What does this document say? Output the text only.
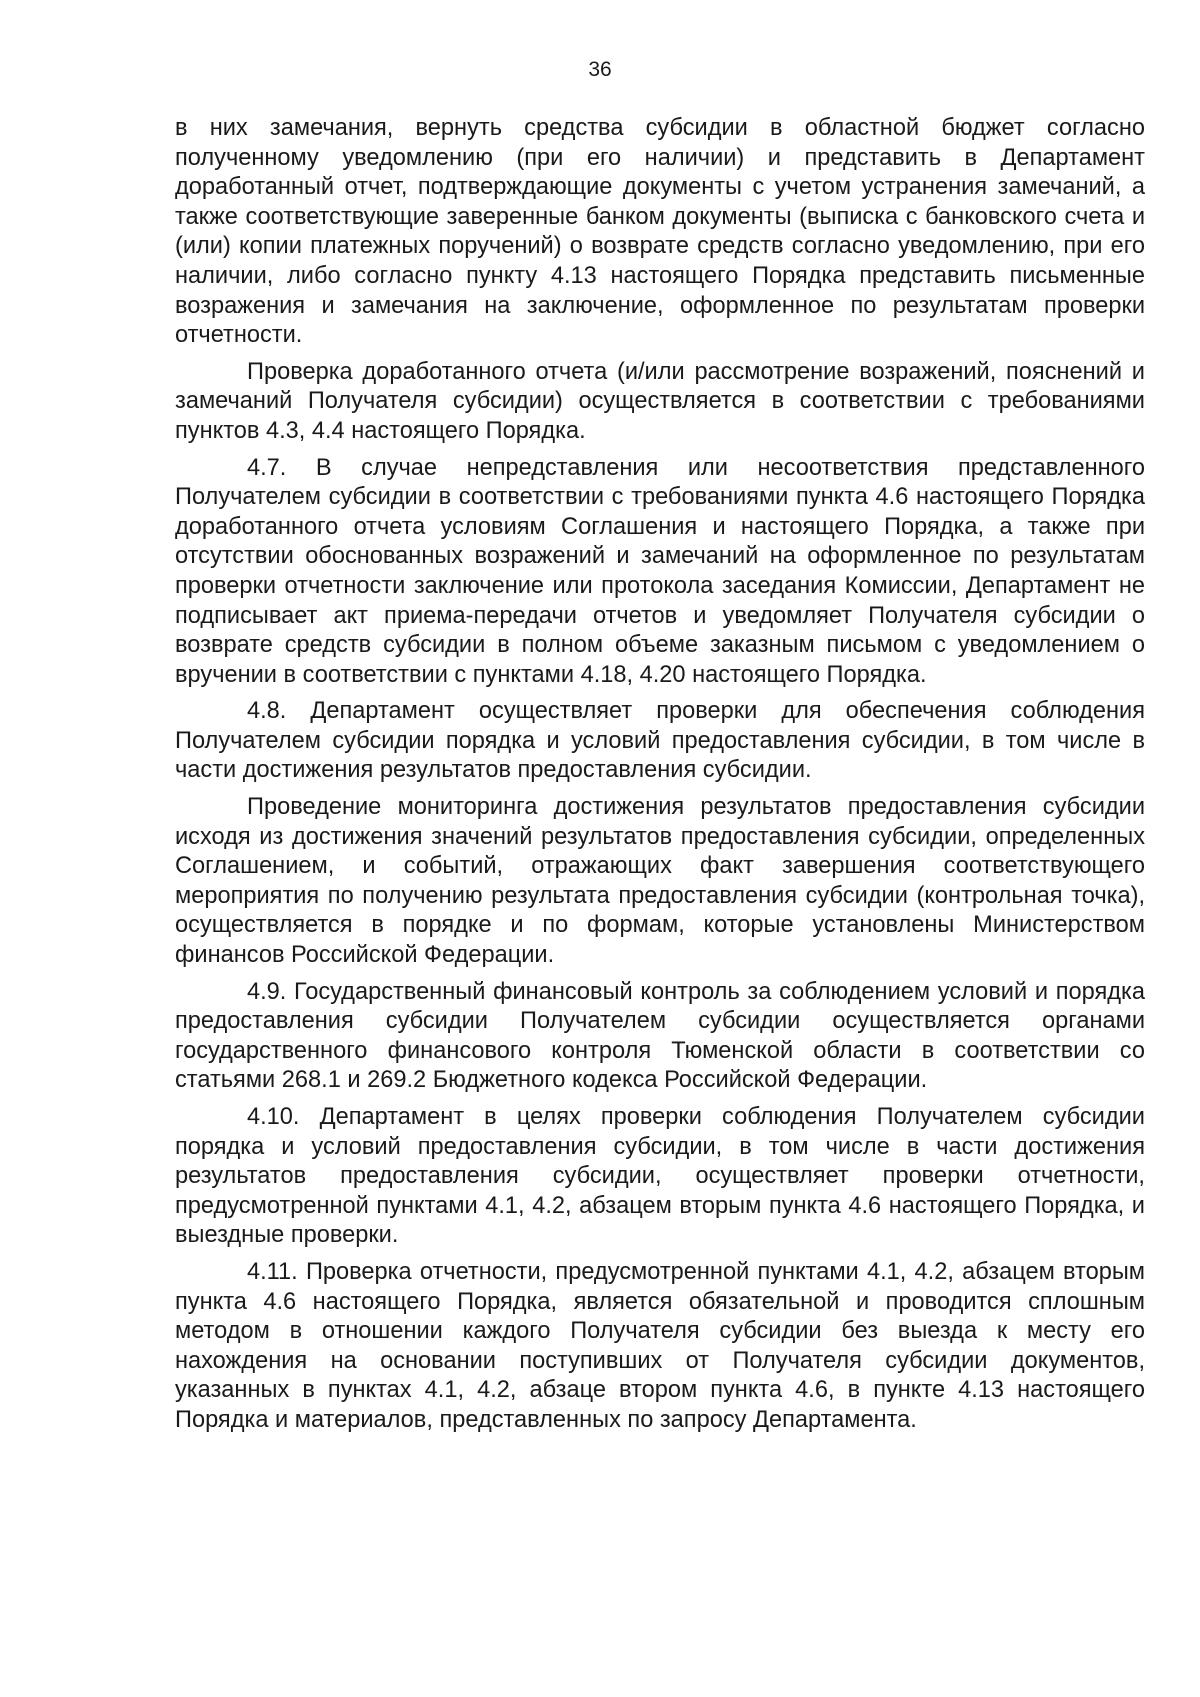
36

в них замечания, вернуть средства субсидии в областной бюджет согласно полученному уведомлению (при его наличии) и представить в Департамент доработанный отчет, подтверждающие документы с учетом устранения замечаний, а также соответствующие заверенные банком документы (выписка с банковского счета и (или) копии платежных поручений) о возврате средств согласно уведомлению, при его наличии, либо согласно пункту 4.13 настоящего Порядка представить письменные возражения и замечания на заключение, оформленное по результатам проверки отчетности.

Проверка доработанного отчета (и/или рассмотрение возражений, пояснений и замечаний Получателя субсидии) осуществляется в соответствии с требованиями пунктов 4.3, 4.4 настоящего Порядка.

4.7. В случае непредставления или несоответствия представленного Получателем субсидии в соответствии с требованиями пункта 4.6 настоящего Порядка доработанного отчета условиям Соглашения и настоящего Порядка, а также при отсутствии обоснованных возражений и замечаний на оформленное по результатам проверки отчетности заключение или протокола заседания Комиссии, Департамент не подписывает акт приема-передачи отчетов и уведомляет Получателя субсидии о возврате средств субсидии в полном объеме заказным письмом с уведомлением о вручении в соответствии с пунктами 4.18, 4.20 настоящего Порядка.

4.8. Департамент осуществляет проверки для обеспечения соблюдения Получателем субсидии порядка и условий предоставления субсидии, в том числе в части достижения результатов предоставления субсидии.

Проведение мониторинга достижения результатов предоставления субсидии исходя из достижения значений результатов предоставления субсидии, определенных Соглашением, и событий, отражающих факт завершения соответствующего мероприятия по получению результата предоставления субсидии (контрольная точка), осуществляется в порядке и по формам, которые установлены Министерством финансов Российской Федерации.

4.9. Государственный финансовый контроль за соблюдением условий и порядка предоставления субсидии Получателем субсидии осуществляется органами государственного финансового контроля Тюменской области в соответствии со статьями 268.1 и 269.2 Бюджетного кодекса Российской Федерации.

4.10. Департамент в целях проверки соблюдения Получателем субсидии порядка и условий предоставления субсидии, в том числе в части достижения результатов предоставления субсидии, осуществляет проверки отчетности, предусмотренной пунктами 4.1, 4.2, абзацем вторым пункта 4.6 настоящего Порядка, и выездные проверки.

4.11. Проверка отчетности, предусмотренной пунктами 4.1, 4.2, абзацем вторым пункта 4.6 настоящего Порядка, является обязательной и проводится сплошным методом в отношении каждого Получателя субсидии без выезда к месту его нахождения на основании поступивших от Получателя субсидии документов, указанных в пунктах 4.1, 4.2, абзаце втором пункта 4.6, в пункте 4.13 настоящего Порядка и материалов, представленных по запросу Департамента.
